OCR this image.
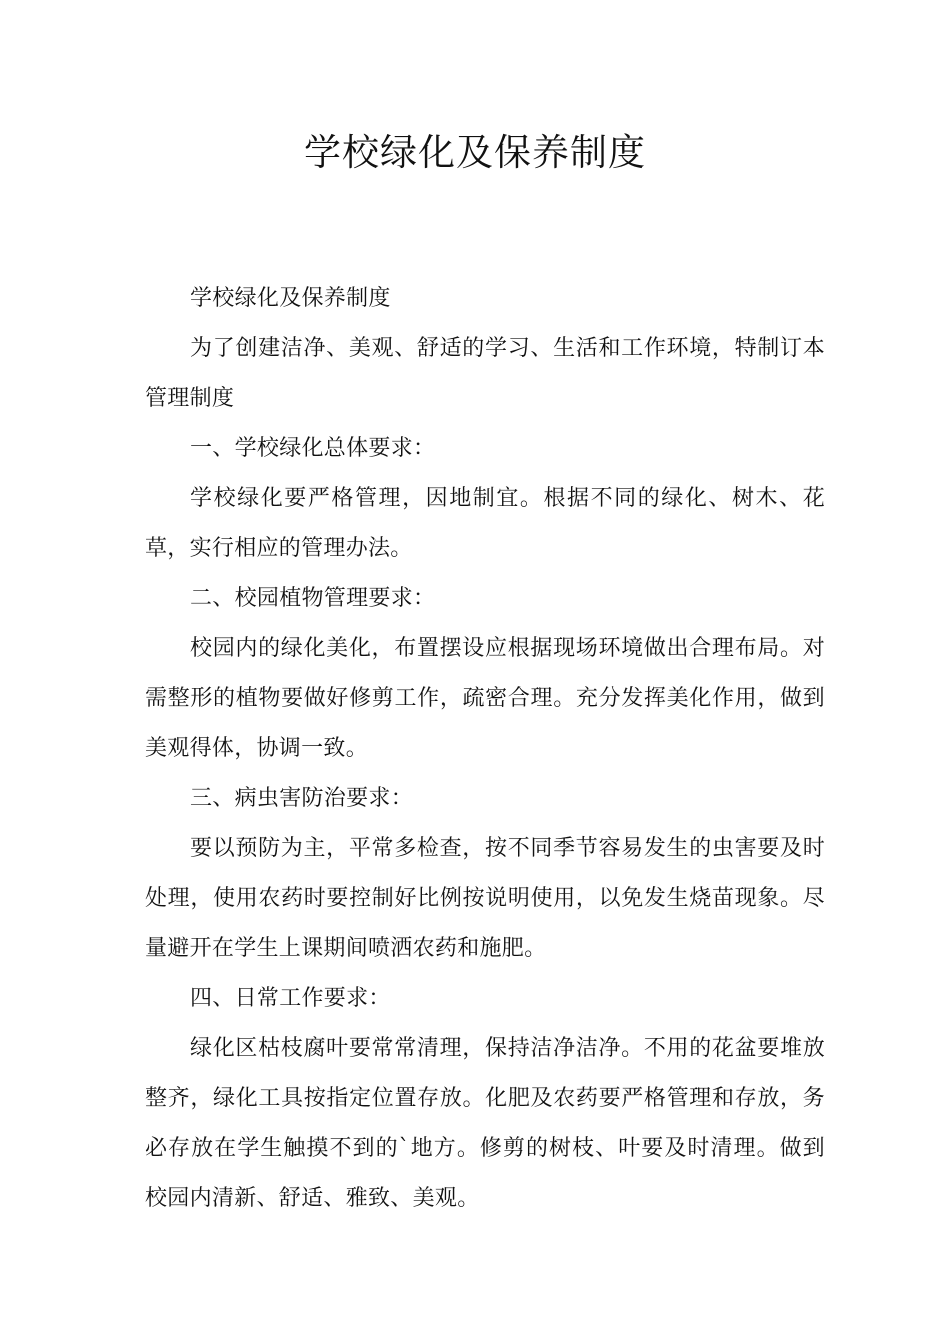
学校绿化及保养制度

学校绿化及保养制度

为了创建洁净、美观、舒适的学习、生活和工作环境，特制订本管理制度

一、学校绿化总体要求：

学校绿化要严格管理，因地制宜。根据不同的绿化、树木、花草，实行相应的管理办法。

二、校园植物管理要求：

校园内的绿化美化，布置摆设应根据现场环境做出合理布局。对需整形的植物要做好修剪工作，疏密合理。充分发挥美化作用，做到美观得体，协调一致。

三、病虫害防治要求：

要以预防为主，平常多检查，按不同季节容易发生的虫害要及时处理，使用农药时要控制好比例按说明使用，以免发生烧苗现象。尽量避开在学生上课期间喷洒农药和施肥。

四、日常工作要求：

绿化区枯枝腐叶要常常清理，保持洁净洁净。不用的花盆要堆放整齐，绿化工具按指定位置存放。化肥及农药要严格管理和存放，务必存放在学生触摸不到的`地方。修剪的树枝、叶要及时清理。做到校园内清新、舒适、雅致、美观。
